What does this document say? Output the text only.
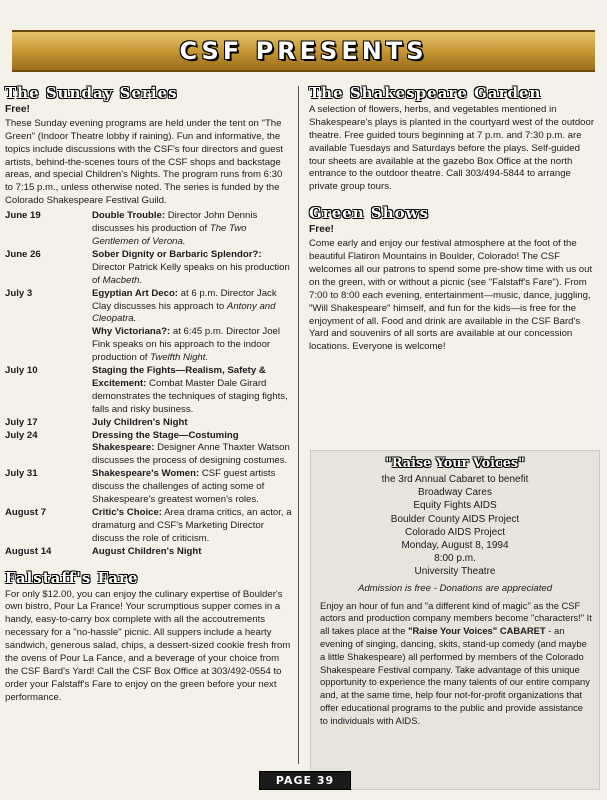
CSF PRESENTS
The Sunday Series
Free!

These Sunday evening programs are held under the tent on "The Green" (Indoor Theatre lobby if raining). Fun and informative, the topics include discussions with the CSF's four directors and guest artists, behind-the-scenes tours of the CSF shops and backstage areas, and special Children's Nights. The program runs from 6:30 to 7:15 p.m., unless otherwise noted. The series is funded by the Colorado Shakespeare Festival Guild.

June 19	Double Trouble: Director John Dennis discusses his production of The Two Gentlemen of Verona.
June 26	Sober Dignity or Barbaric Splendor?: Director Patrick Kelly speaks on his production of Macbeth.
July 3	Egyptian Art Deco: at 6 p.m. Director Jack Clay discusses his approach to Antony and Cleopatra.
Why Victoriana?: at 6:45 p.m. Director Joel Fink speaks on his approach to the indoor production of Twelfth Night.
July 10	Staging the Fights—Realism, Safety & Excitement: Combat Master Dale Girard demonstrates the techniques of staging fights, falls and risky business.
July 17	July Children's Night
July 24	Dressing the Stage—Costuming Shakespeare: Designer Anne Thaxter Watson discusses the process of designing costumes.
July 31	Shakespeare's Women: CSF guest artists discuss the challenges of acting some of Shakespeare's greatest women's roles.
August 7	Critic's Choice: Area drama critics, an actor, a dramaturg and CSF's Marketing Director discuss the role of criticism.
August 14	August Children's Night
Falstaff's Fare

For only $12.00, you can enjoy the culinary expertise of Boulder's own bistro, Pour La France! Your scrumptious supper comes in a handy, easy-to-carry box complete with all the accoutrements necessary for a "no-hassle" picnic. All suppers include a hearty sandwich, generous salad, chips, a dessert-sized cookie fresh from the ovens of Pour La Fance, and a beverage of your choice from the CSF Bard's Yard! Call the CSF Box Office at 303/492-0554 to order your Falstaff's Fare to enjoy on the green before your next performance.

The Shakespeare Garden

A selection of flowers, herbs, and vegetables mentioned in Shakespeare's plays is planted in the courtyard west of the outdoor theatre. Free guided tours beginning at 7 p.m. and 7:30 p.m. are available Tuesdays and Saturdays before the plays. Self-guided tour sheets are available at the gazebo Box Office at the north entrance to the outdoor theatre. Call 303/494-5844 to arrange private group tours.

Green Shows
Free!

Come early and enjoy our festival atmosphere at the foot of the beautiful Flatiron Mountains in Boulder, Colorado! The CSF welcomes all our patrons to spend some pre-show time with us out on the green, with or without a picnic (see "Falstaff's Fare"). From 7:00 to 8:00 each evening, entertainment—music, dance, juggling, "Will Shakespeare" himself, and fun for the kids—is free for the enjoyment of all. Food and drink are available in the CSF Bard's Yard and souvenirs of all sorts are available at our concession locations. Everyone is welcome!

"Raise Your Voices"
the 3rd Annual Cabaret to benefit
Broadway Cares
Equity Fights AIDS
Boulder County AIDS Project
Colorado AIDS Project
Monday, August 8, 1994
8:00 p.m.
University Theatre
Admission is free - Donations are appreciated
Enjoy an hour of fun and "a different kind of magic" as the CSF actors and production company members become "characters!" It all takes place at the "Raise Your Voices" CABARET - an evening of singing, dancing, skits, stand-up comedy (and maybe a little Shakespeare) all performed by members of the Colorado Shakespeare Festival company. Take advantage of this unique opportunity to experience the many talents of our entire company and, at the same time, help four not-for-profit organizations that offer educational programs to the public and provide assistance to individuals with AIDS.
PAGE 39
